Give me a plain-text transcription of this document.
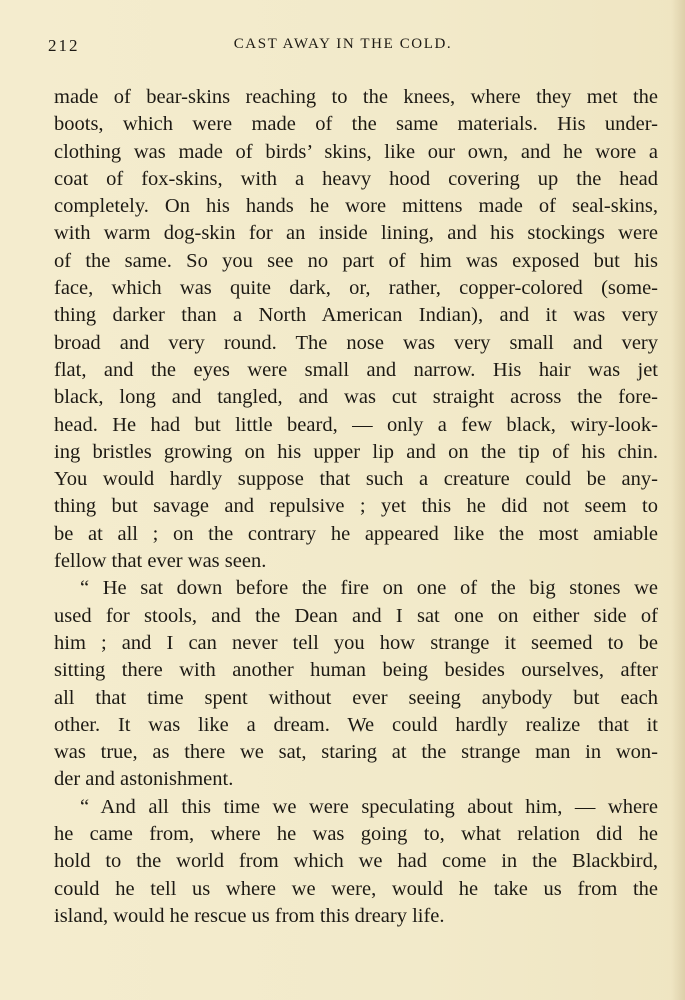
212	CAST AWAY IN THE COLD.
made of bear-skins reaching to the knees, where they met the
boots, which were made of the same materials. His under-
clothing was made of birds’ skins, like our own, and he wore a
coat of fox-skins, with a heavy hood covering up the head
completely. On his hands he wore mittens made of seal-skins,
with warm dog-skin for an inside lining, and his stockings were
of the same. So you see no part of him was exposed but his
face, which was quite dark, or, rather, copper-colored (some-
thing darker than a North American Indian), and it was very
broad and very round. The nose was very small and very
flat, and the eyes were small and narrow. His hair was jet
black, long and tangled, and was cut straight across the fore-
head. He had but little beard, — only a few black, wiry-look-
ing bristles growing on his upper lip and on the tip of his chin.
You would hardly suppose that such a creature could be any-
thing but savage and repulsive ; yet this he did not seem to
be at all ; on the contrary he appeared like the most amiable
fellow that ever was seen.
“ He sat down before the fire on one of the big stones we
used for stools, and the Dean and I sat one on either side of
him ; and I can never tell you how strange it seemed to be
sitting there with another human being besides ourselves, after
all that time spent without ever seeing anybody but each
other. It was like a dream. We could hardly realize that it
was true, as there we sat, staring at the strange man in won-
der and astonishment.
“ And all this time we were speculating about him, — where
he came from, where he was going to, what relation did he
hold to the world from which we had come in the Blackbird,
could he tell us where we were, would he take us from the
island, would he rescue us from this dreary life.
